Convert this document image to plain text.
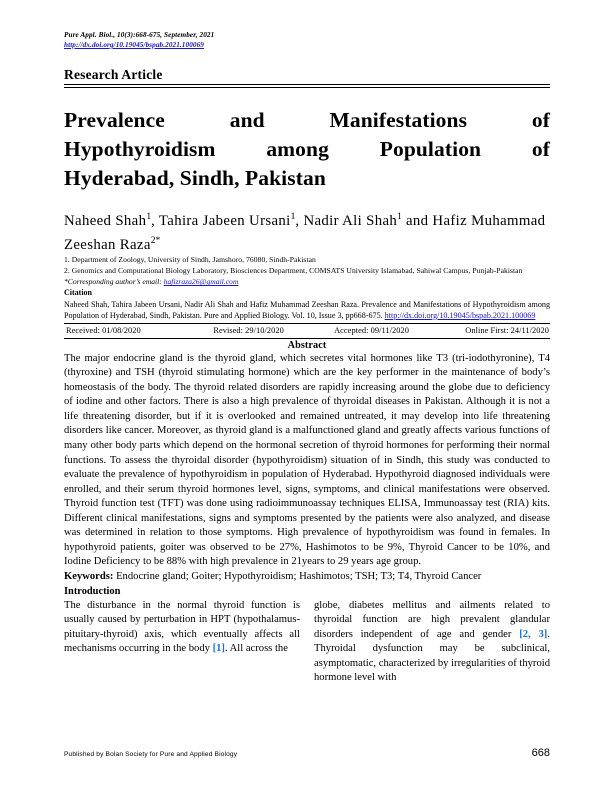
Pure Appl. Biol., 10(3):668-675, September, 2021
http://dx.doi.org/10.19045/bspab.2021.100069
Research Article
Prevalence and Manifestations of
Hypothyroidism among Population of
Hyderabad, Sindh, Pakistan
Naheed Shah$^1$, Tahira Jabeen Ursani$^1$, Nadir Ali Shah$^1$ and Hafiz Muhammad Zeeshan Raza$^{2*}$
1. Department of Zoology, University of Sindh, Jamshoro, 76080, Sindh-Pakistan
2. Genomics and Computational Biology Laboratory, Biosciences Department, COMSATS University Islamabad, Sahiwal Campus, Punjab-Pakistan
*Corresponding author’s email: hafizraza26@gmail.com
Citation
Naheed Shah, Tahira Jabeen Ursani, Nadir Ali Shah and Hafiz Muhammad Zeeshan Raza. Prevalence and Manifestations of Hypothyroidism among Population of Hyderabad, Sindh, Pakistan. Pure and Applied Biology. Vol. 10, Issue 3, pp668-675. http://dx.doi.org/10.19045/bspab.2021.100069
Received: 01/08/2020	Revised: 29/10/2020	Accepted: 09/11/2020	Online First: 24/11/2020
Abstract
The major endocrine gland is the thyroid gland, which secretes vital hormones like T3 (tri-iodothyronine), T4 (thyroxine) and TSH (thyroid stimulating hormone) which are the key performer in the maintenance of body’s homeostasis of the body. The thyroid related disorders are rapidly increasing around the globe due to deficiency of iodine and other factors. There is also a high prevalence of thyroidal diseases in Pakistan. Although it is not a life threatening disorder, but if it is overlooked and remained untreated, it may develop into life threatening disorders like cancer. Moreover, as thyroid gland is a malfunctioned gland and greatly affects various functions of many other body parts which depend on the hormonal secretion of thyroid hormones for performing their normal functions. To assess the thyroidal disorder (hypothyroidism) situation of in Sindh, this study was conducted to evaluate the prevalence of hypothyroidism in population of Hyderabad. Hypothyroid diagnosed individuals were enrolled, and their serum thyroid hormones level, signs, symptoms, and clinical manifestations were observed. Thyroid function test (TFT) was done using radioimmunoassay techniques ELISA, Immunoassay test (RIA) kits. Different clinical manifestations, signs and symptoms presented by the patients were also analyzed, and disease was determined in relation to those symptoms. High prevalence of hypothyroidism was found in females. In hypothyroid patients, goiter was observed to be 27%, Hashimotos to be 9%, Thyroid Cancer to be 10%, and Iodine Deficiency to be 88% with high prevalence in 21years to 29 years age group.
Keywords: Endocrine gland; Goiter; Hypothyroidism; Hashimotos; TSH; T3; T4, Thyroid Cancer
Introduction
The disturbance in the normal thyroid function is usually caused by perturbation in HPT (hypothalamus-pituitary-thyroid) axis, which eventually affects all mechanisms occurring in the body [1]. All across the
globe, diabetes mellitus and ailments related to thyroidal function are high prevalent glandular disorders independent of age and gender [2, 3]. Thyroidal dysfunction may be subclinical, asymptomatic, characterized by irregularities of thyroid hormone level with
Published by Bolan Society for Pure and Applied Biology	668
